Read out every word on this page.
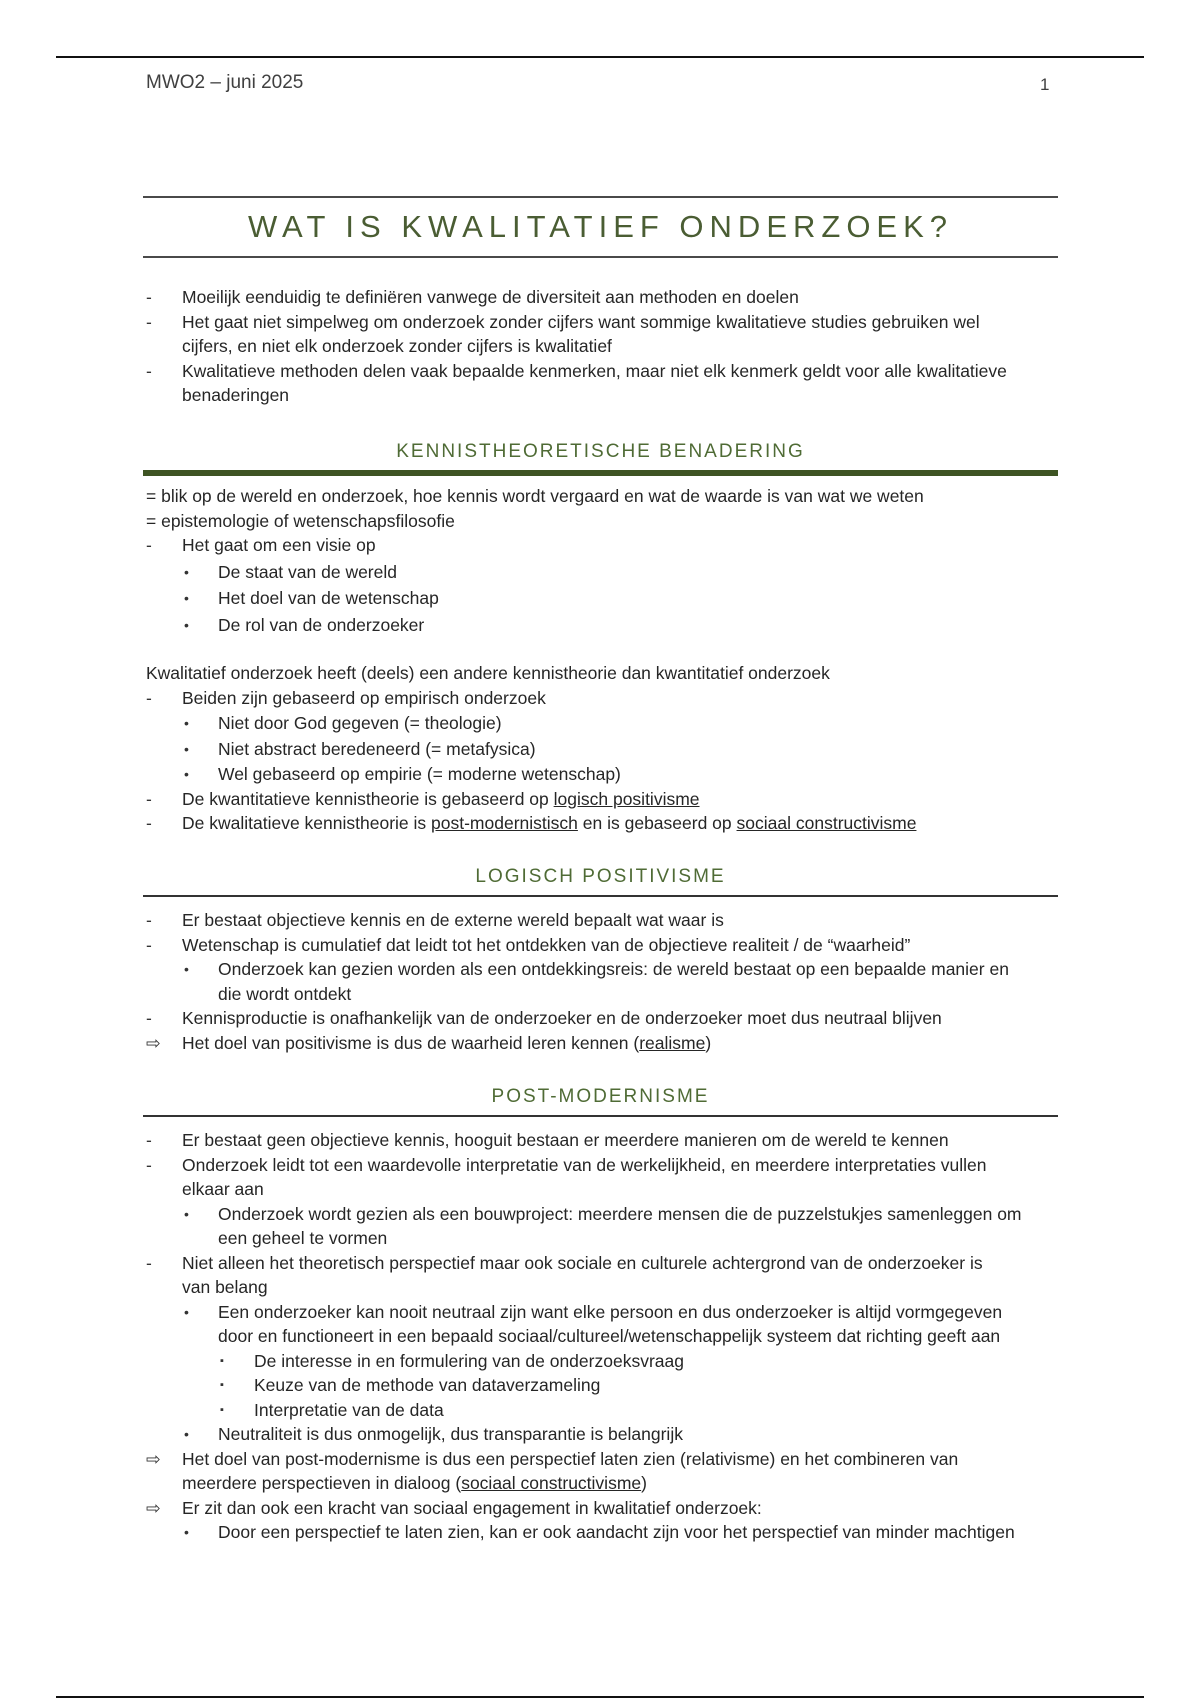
MWO2 – juni 2025	1
WAT IS KWALITATIEF ONDERZOEK?
- Moeilijk eenduidig te definiëren vanwege de diversiteit aan methoden en doelen
- Het gaat niet simpelweg om onderzoek zonder cijfers want sommige kwalitatieve studies gebruiken wel
cijfers, en niet elk onderzoek zonder cijfers is kwalitatief
- Kwalitatieve methoden delen vaak bepaalde kenmerken, maar niet elk kenmerk geldt voor alle kwalitatieve
benaderingen
KENNISTHEORETISCHE BENADERING
= blik op de wereld en onderzoek, hoe kennis wordt vergaard en wat de waarde is van wat we weten
= epistemologie of wetenschapsfilosofie
- Het gaat om een visie op
• De staat van de wereld
• Het doel van de wetenschap
• De rol van de onderzoeker
Kwalitatief onderzoek heeft (deels) een andere kennistheorie dan kwantitatief onderzoek
- Beiden zijn gebaseerd op empirisch onderzoek
• Niet door God gegeven (= theologie)
• Niet abstract beredeneerd (= metafysica)
• Wel gebaseerd op empirie (= moderne wetenschap)
- De kwantitatieve kennistheorie is gebaseerd op logisch positivisme
- De kwalitatieve kennistheorie is post-modernistisch en is gebaseerd op sociaal constructivisme
LOGISCH POSITIVISME
- Er bestaat objectieve kennis en de externe wereld bepaalt wat waar is
- Wetenschap is cumulatief dat leidt tot het ontdekken van de objectieve realiteit / de “waarheid”
• Onderzoek kan gezien worden als een ontdekkingsreis: de wereld bestaat op een bepaalde manier en
die wordt ontdekt
- Kennisproductie is onafhankelijk van de onderzoeker en de onderzoeker moet dus neutraal blijven
⇨ Het doel van positivisme is dus de waarheid leren kennen (realisme)
POST-MODERNISME
- Er bestaat geen objectieve kennis, hooguit bestaan er meerdere manieren om de wereld te kennen
- Onderzoek leidt tot een waardevolle interpretatie van de werkelijkheid, en meerdere interpretaties vullen
elkaar aan
• Onderzoek wordt gezien als een bouwproject: meerdere mensen die de puzzelstukjes samenleggen om
een geheel te vormen
- Niet alleen het theoretisch perspectief maar ook sociale en culturele achtergrond van de onderzoeker is
van belang
• Een onderzoeker kan nooit neutraal zijn want elke persoon en dus onderzoeker is altijd vormgegeven
door en functioneert in een bepaald sociaal/cultureel/wetenschappelijk systeem dat richting geeft aan
▪ De interesse in en formulering van de onderzoeksvraag
▪ Keuze van de methode van dataverzameling
▪ Interpretatie van de data
• Neutraliteit is dus onmogelijk, dus transparantie is belangrijk
⇨ Het doel van post-modernisme is dus een perspectief laten zien (relativisme) en het combineren van
meerdere perspectieven in dialoog (sociaal constructivisme)
⇨ Er zit dan ook een kracht van sociaal engagement in kwalitatief onderzoek:
• Door een perspectief te laten zien, kan er ook aandacht zijn voor het perspectief van minder machtigen
